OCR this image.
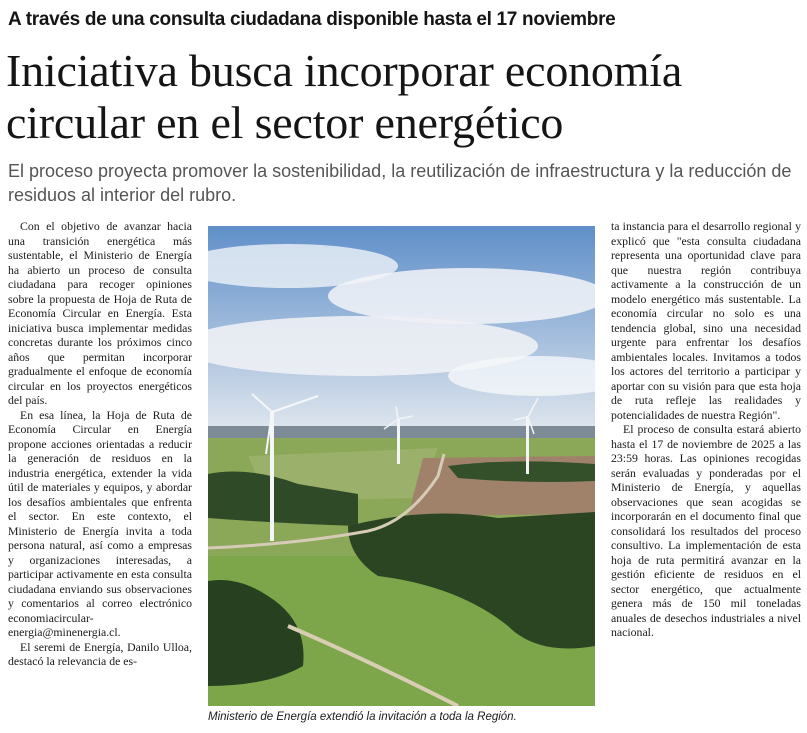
A través de una consulta ciudadana disponible hasta el 17 noviembre
Iniciativa busca incorporar economía circular en el sector energético
El proceso proyecta promover la sostenibilidad, la reutilización de infraestructura y la reducción de residuos al interior del rubro.

Con el objetivo de avanzar hacia una transición energética más sustentable, el Ministerio de Energía ha abierto un proceso de consulta ciudadana para recoger opiniones sobre la propuesta de Hoja de Ruta de Economía Circular en Energía. Esta iniciativa busca implementar medidas concretas durante los próximos cinco años que permitan incorporar gradualmente el enfoque de economía circular en los proyectos energéticos del país.

En esa línea, la Hoja de Ruta de Economía Circular en Energía propone acciones orientadas a reducir la generación de residuos en la industria energética, extender la vida útil de materiales y equipos, y abordar los desafíos ambientales que enfrenta el sector. En este contexto, el Ministerio de Energía invita a toda persona natural, así como a empresas y organizaciones interesadas, a participar activamente en esta consulta ciudadana enviando sus observaciones y comentarios al correo electrónico economiacircular-energia@minenergia.cl.

El seremi de Energía, Danilo Ulloa, destacó la relevancia de es-

Ministerio de Energía extendió la invitación a toda la Región.

ta instancia para el desarrollo regional y explicó que "esta consulta ciudadana representa una oportunidad clave para que nuestra región contribuya activamente a la construcción de un modelo energético más sustentable. La economía circular no solo es una tendencia global, sino una necesidad urgente para enfrentar los desafíos ambientales locales. Invitamos a todos los actores del territorio a participar y aportar con su visión para que esta hoja de ruta refleje las realidades y potencialidades de nuestra Región".

El proceso de consulta estará abierto hasta el 17 de noviembre de 2025 a las 23:59 horas. Las opiniones recogidas serán evaluadas y ponderadas por el Ministerio de Energía, y aquellas observaciones que sean acogidas se incorporarán en el documento final que consolidará los resultados del proceso consultivo. La implementación de esta hoja de ruta permitirá avanzar en la gestión eficiente de residuos en el sector energético, que actualmente genera más de 150 mil toneladas anuales de desechos industriales a nivel nacional.
